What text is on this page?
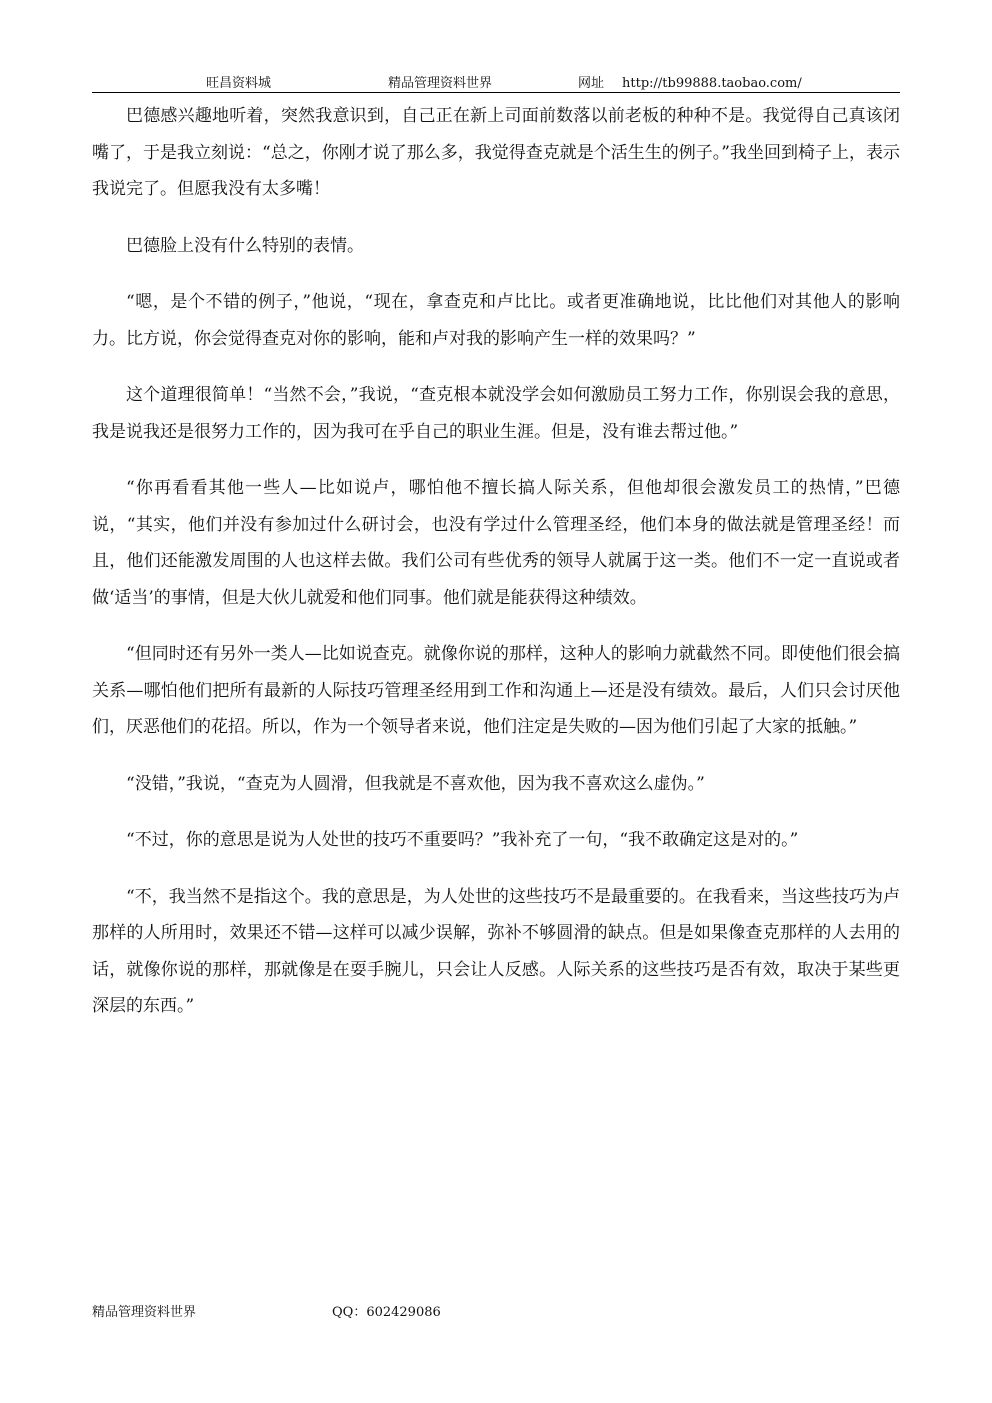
旺昌资料城	精品管理资料世界	网址 http://tb99888.taobao.com/

巴德感兴趣地听着，突然我意识到，自己正在新上司面前数落以前老板的种种不是。我觉得自己真该闭嘴了，于是我立刻说：“总之，你刚才说了那么多，我觉得查克就是个活生生的例子。”我坐回到椅子上，表示我说完了。但愿我没有太多嘴！

巴德脸上没有什么特别的表情。

“嗯，是个不错的例子，”他说，“现在，拿查克和卢比比。或者更准确地说，比比他们对其他人的影响力。比方说，你会觉得查克对你的影响，能和卢对我的影响产生一样的效果吗？”

这个道理很简单！“当然不会，”我说，“查克根本就没学会如何激励员工努力工作，你别误会我的意思，我是说我还是很努力工作的，因为我可在乎自己的职业生涯。但是，没有谁去帮过他。”

“你再看看其他一些人—比如说卢，哪怕他不擅长搞人际关系，但他却很会激发员工的热情，”巴德说，“其实，他们并没有参加过什么研讨会，也没有学过什么管理圣经，他们本身的做法就是管理圣经！而且，他们还能激发周围的人也这样去做。我们公司有些优秀的领导人就属于这一类。他们不一定一直说或者做‘适当’的事情，但是大伙儿就爱和他们同事。他们就是能获得这种绩效。

“但同时还有另外一类人—比如说查克。就像你说的那样，这种人的影响力就截然不同。即使他们很会搞关系—哪怕他们把所有最新的人际技巧管理圣经用到工作和沟通上—还是没有绩效。最后，人们只会讨厌他们，厌恶他们的花招。所以，作为一个领导者来说，他们注定是失败的—因为他们引起了大家的抵触。”

“没错，”我说，“查克为人圆滑，但我就是不喜欢他，因为我不喜欢这么虚伪。”

“不过，你的意思是说为人处世的技巧不重要吗？”我补充了一句，“我不敢确定这是对的。”

“不，我当然不是指这个。我的意思是，为人处世的这些技巧不是最重要的。在我看来，当这些技巧为卢那样的人所用时，效果还不错—这样可以减少误解，弥补不够圆滑的缺点。但是如果像查克那样的人去用的话，就像你说的那样，那就像是在耍手腕儿，只会让人反感。人际关系的这些技巧是否有效，取决于某些更深层的东西。”

精品管理资料世界	QQ：602429086
